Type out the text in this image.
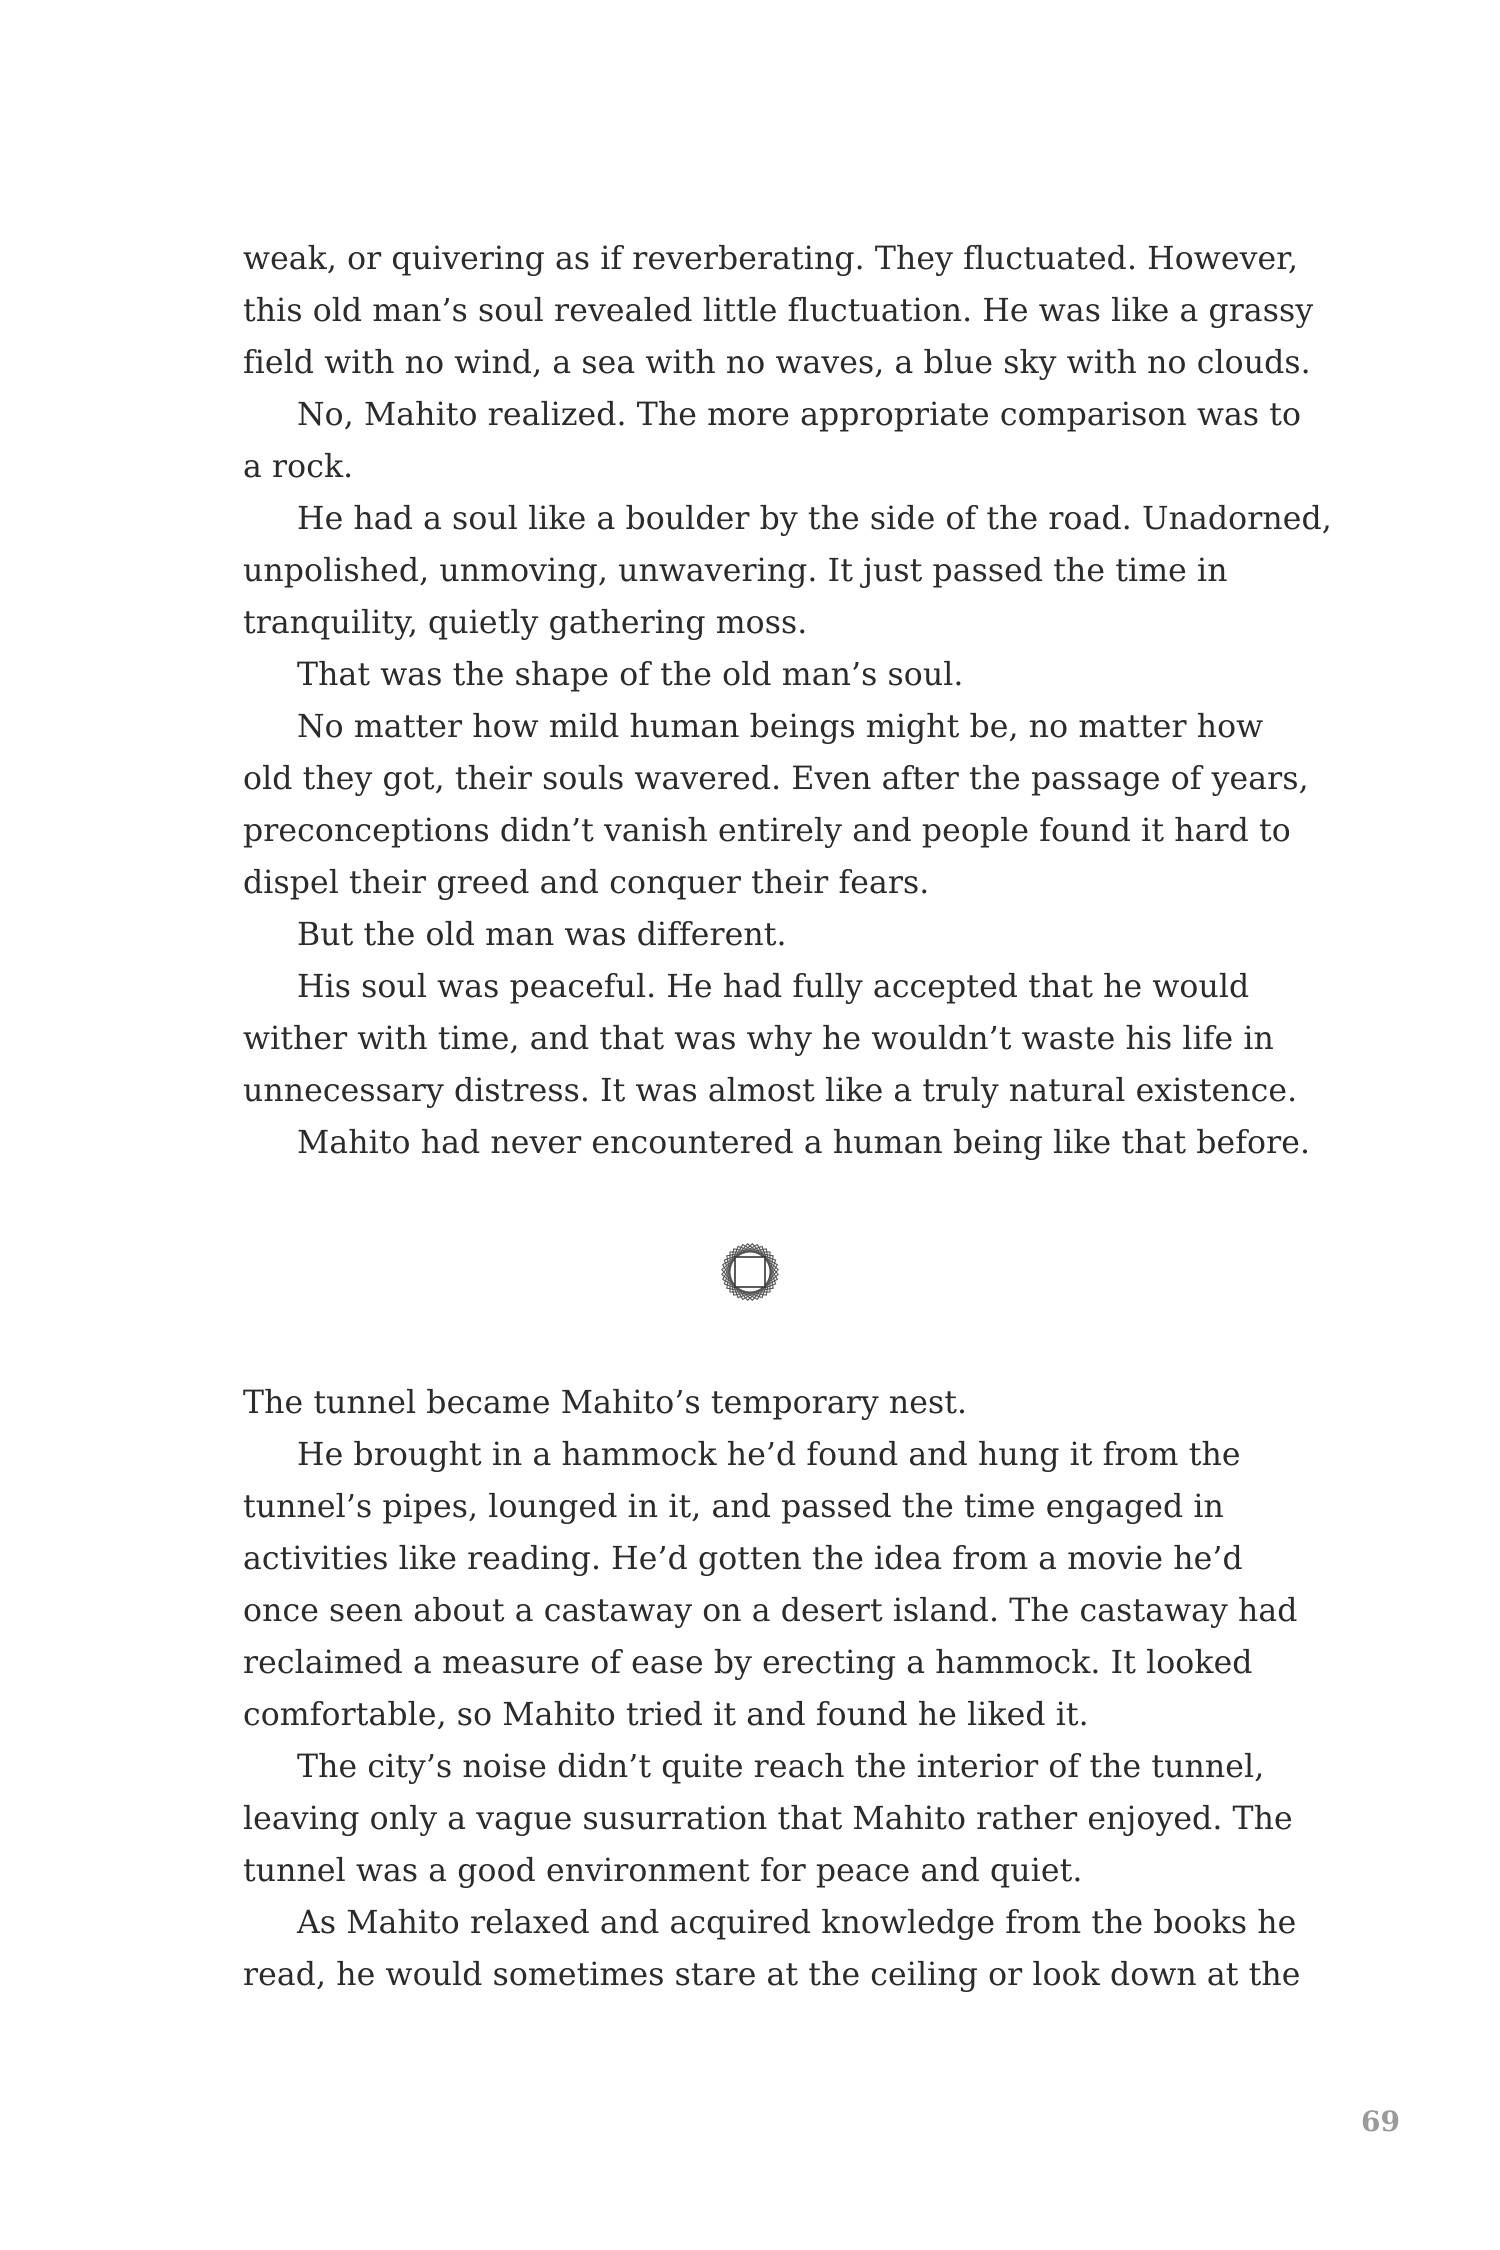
weak, or quivering as if reverberating. They fluctuated. However,
this old man’s soul revealed little fluctuation. He was like a grassy
field with no wind, a sea with no waves, a blue sky with no clouds.
No, Mahito realized. The more appropriate comparison was to
a rock.
He had a soul like a boulder by the side of the road. Unadorned,
unpolished, unmoving, unwavering. It just passed the time in
tranquility, quietly gathering moss.
That was the shape of the old man’s soul.
No matter how mild human beings might be, no matter how
old they got, their souls wavered. Even after the passage of years,
preconceptions didn’t vanish entirely and people found it hard to
dispel their greed and conquer their fears.
But the old man was different.
His soul was peaceful. He had fully accepted that he would
wither with time, and that was why he wouldn’t waste his life in
unnecessary distress. It was almost like a truly natural existence.
Mahito had never encountered a human being like that before.
The tunnel became Mahito’s temporary nest.
He brought in a hammock he’d found and hung it from the
tunnel’s pipes, lounged in it, and passed the time engaged in
activities like reading. He’d gotten the idea from a movie he’d
once seen about a castaway on a desert island. The castaway had
reclaimed a measure of ease by erecting a hammock. It looked
comfortable, so Mahito tried it and found he liked it.
The city’s noise didn’t quite reach the interior of the tunnel,
leaving only a vague susurration that Mahito rather enjoyed. The
tunnel was a good environment for peace and quiet.
As Mahito relaxed and acquired knowledge from the books he
read, he would sometimes stare at the ceiling or look down at the
69
